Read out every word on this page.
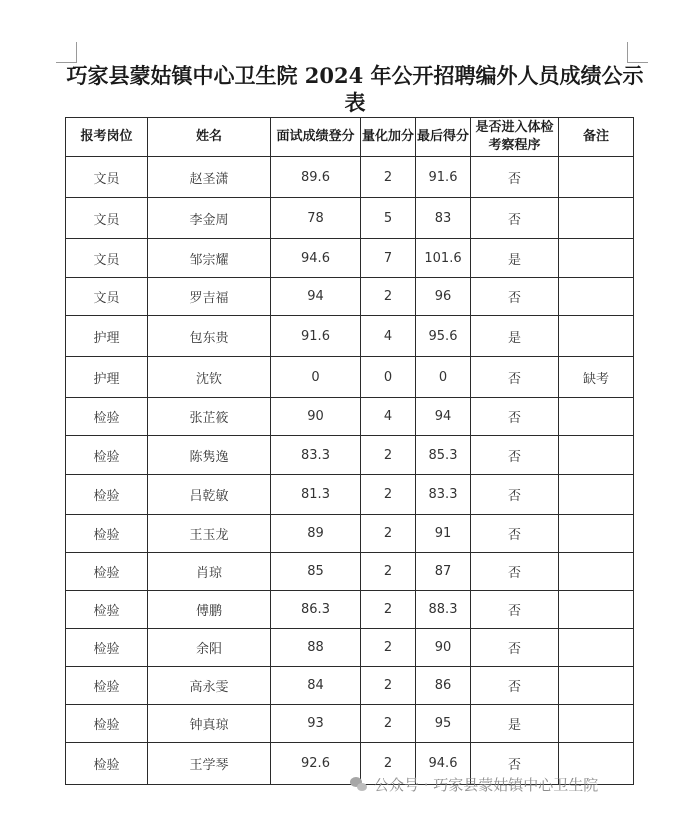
巧家县蒙姑镇中心卫生院 2024 年公开招聘编外人员成绩公示表
报考岗位	姓名	面试成绩登分	量化加分	最后得分	是否进入体检考察程序	备注
文员	赵圣潇	89.6	2	91.6	否	
文员	李金周	78	5	83	否	
文员	邹宗耀	94.6	7	101.6	是	
文员	罗吉福	94	2	96	否	
护理	包东贵	91.6	4	95.6	是	
护理	沈钦	0	0	0	否	缺考
检验	张芷筱	90	4	94	否	
检验	陈隽逸	83.3	2	85.3	否	
检验	吕乾敏	81.3	2	83.3	否	
检验	王玉龙	89	2	91	否	
检验	肖琼	85	2	87	否	
检验	傅鹏	86.3	2	88.3	否	
检验	余阳	88	2	90	否	
检验	高永雯	84	2	86	否	
检验	钟真琼	93	2	95	是	
检验	王学琴	92.6	2	94.6	否	
公众号 · 巧家县蒙姑镇中心卫生院
